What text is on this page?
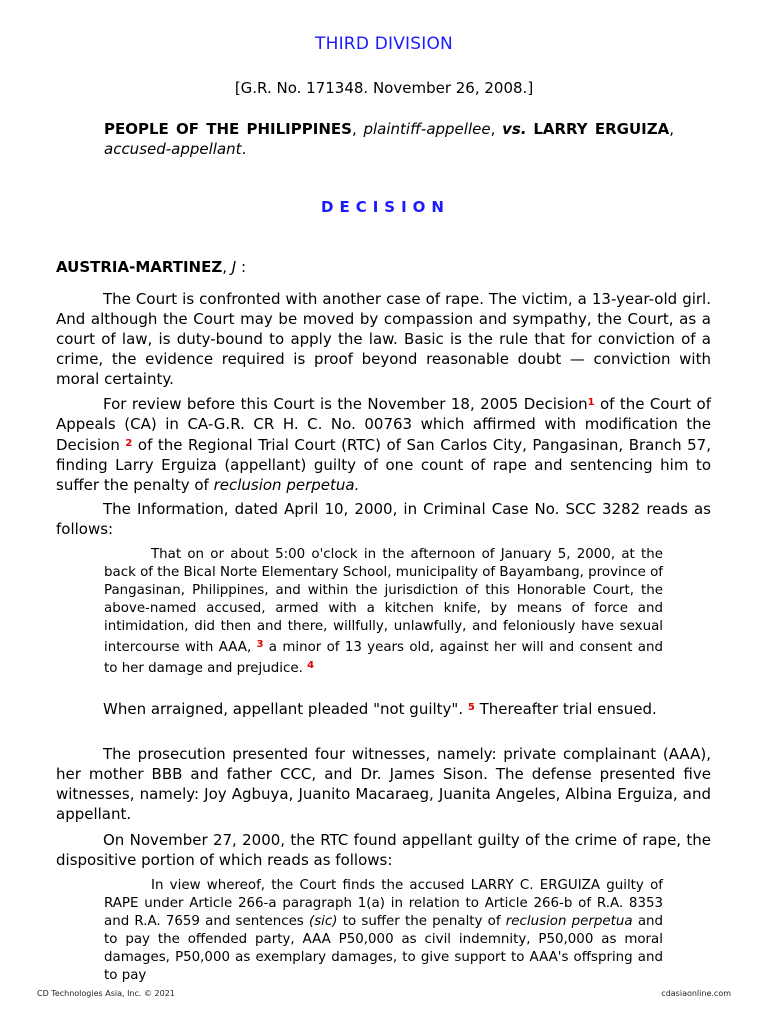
THIRD DIVISION
[G.R. No. 171348. November 26, 2008.]
PEOPLE OF THE PHILIPPINES, plaintiff-appellee, vs. LARRY ERGUIZA, accused-appellant.
DECISION
AUSTRIA-MARTINEZ, J :

The Court is confronted with another case of rape. The victim, a 13-year-old girl. And although the Court may be moved by compassion and sympathy, the Court, as a court of law, is duty-bound to apply the law. Basic is the rule that for conviction of a crime, the evidence required is proof beyond reasonable doubt — conviction with moral certainty.

For review before this Court is the November 18, 2005 Decision$^1$ of the Court of Appeals (CA) in CA-G.R. CR H. C. No. 00763 which affirmed with modification the Decision $^2$ of the Regional Trial Court (RTC) of San Carlos City, Pangasinan, Branch 57, finding Larry Erguiza (appellant) guilty of one count of rape and sentencing him to suffer the penalty of reclusion perpetua.

The Information, dated April 10, 2000, in Criminal Case No. SCC 3282 reads as follows:

That on or about 5:00 o'clock in the afternoon of January 5, 2000, at the back of the Bical Norte Elementary School, municipality of Bayambang, province of Pangasinan, Philippines, and within the jurisdiction of this Honorable Court, the above-named accused, armed with a kitchen knife, by means of force and intimidation, did then and there, willfully, unlawfully, and feloniously have sexual intercourse with AAA, $^3$ a minor of 13 years old, against her will and consent and to her damage and prejudice. $^4$

When arraigned, appellant pleaded "not guilty". $^5$ Thereafter trial ensued.

The prosecution presented four witnesses, namely: private complainant (AAA), her mother BBB and father CCC, and Dr. James Sison. The defense presented five witnesses, namely: Joy Agbuya, Juanito Macaraeg, Juanita Angeles, Albina Erguiza, and appellant.

On November 27, 2000, the RTC found appellant guilty of the crime of rape, the dispositive portion of which reads as follows:

In view whereof, the Court finds the accused LARRY C. ERGUIZA guilty of RAPE under Article 266-a paragraph 1(a) in relation to Article 266-b of R.A. 8353 and R.A. 7659 and sentences (sic) to suffer the penalty of reclusion perpetua and to pay the offended party, AAA P50,000 as civil indemnity, P50,000 as moral damages, P50,000 as exemplary damages, to give support to AAA's offspring and to pay

CD Technologies Asia, Inc. © 2021	cdasiaonline.com
